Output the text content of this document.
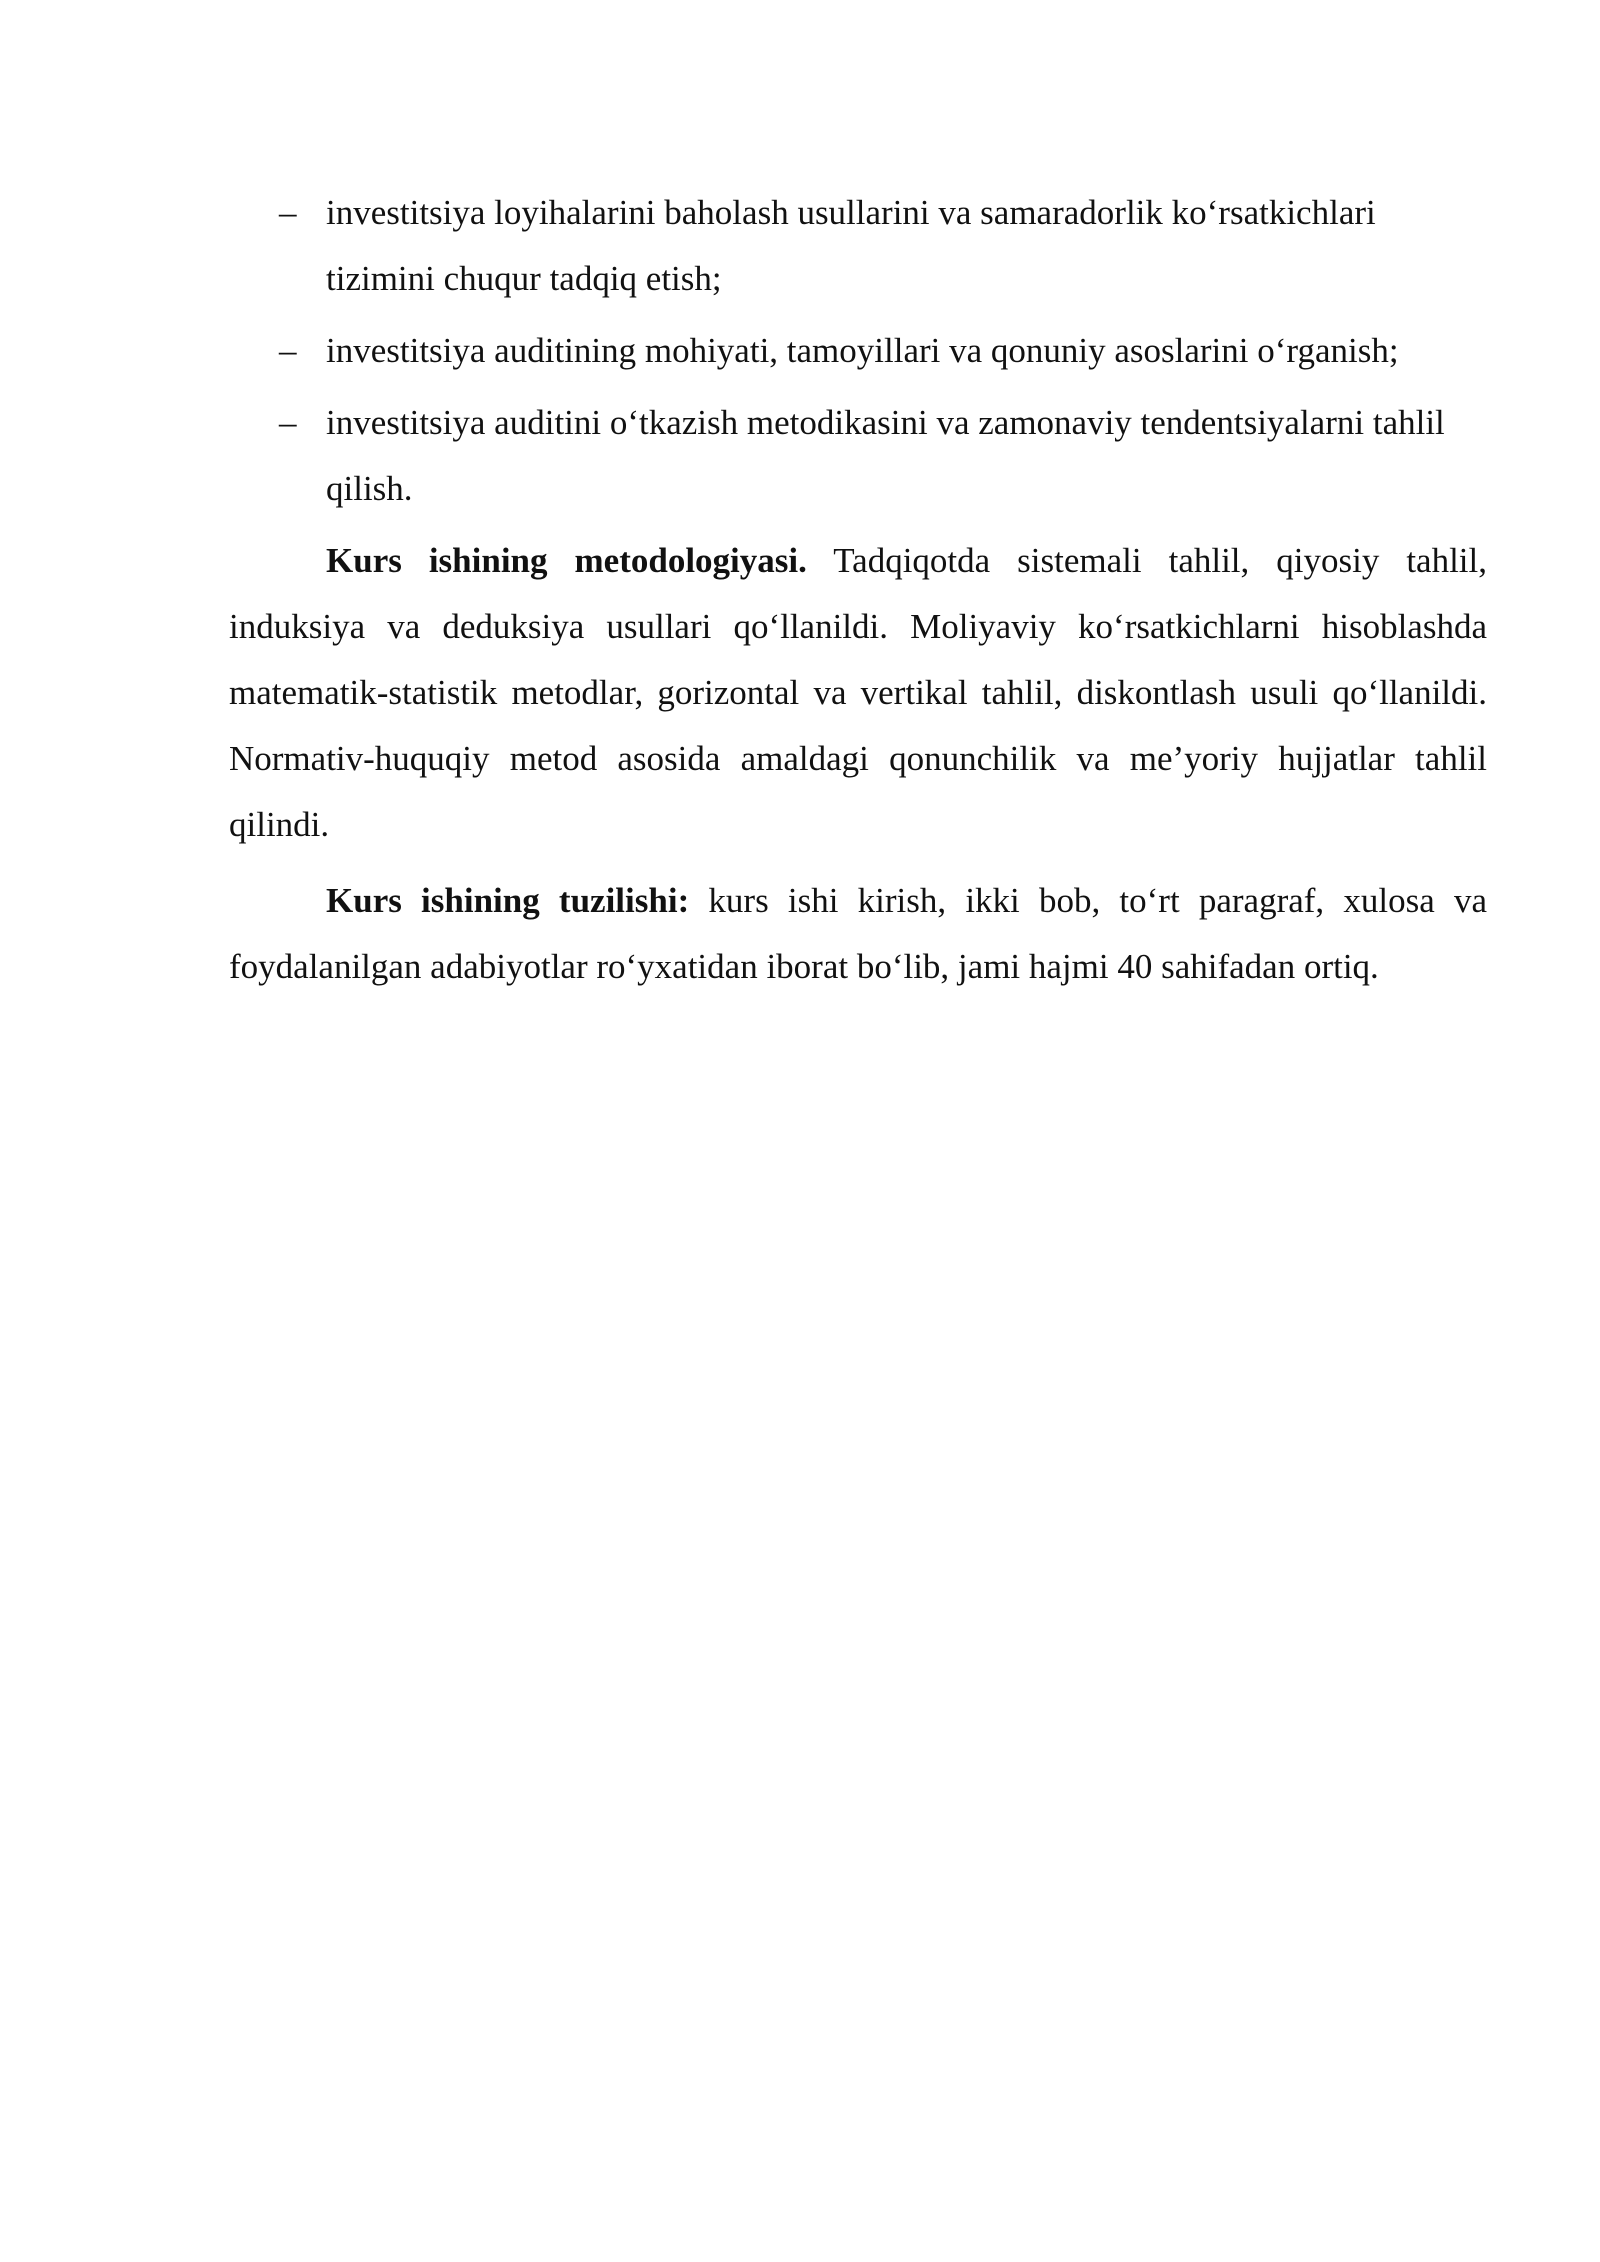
– investitsiya loyihalarini baholash usullarini va samaradorlik ko‘rsatkichlari tizimini chuqur tadqiq etish;
– investitsiya auditining mohiyati, tamoyillari va qonuniy asoslarini o‘rganish;
– investitsiya auditini o‘tkazish metodikasini va zamonaviy tendentsiyalarni tahlil qilish.

Kurs ishining metodologiyasi. Tadqiqotda sistemali tahlil, qiyosiy tahlil, induksiya va deduksiya usullari qo‘llanildi. Moliyaviy ko‘rsatkichlarni hisoblashda matematik-statistik metodlar, gorizontal va vertikal tahlil, diskontlash usuli qo‘llanildi. Normativ-huquqiy metod asosida amaldagi qonunchilik va me’yoriy hujjatlar tahlil qilindi.

Kurs ishining tuzilishi: kurs ishi kirish, ikki bob, to‘rt paragraf, xulosa va foydalanilgan adabiyotlar ro‘yxatidan iborat bo‘lib, jami hajmi 40 sahifadan ortiq.
